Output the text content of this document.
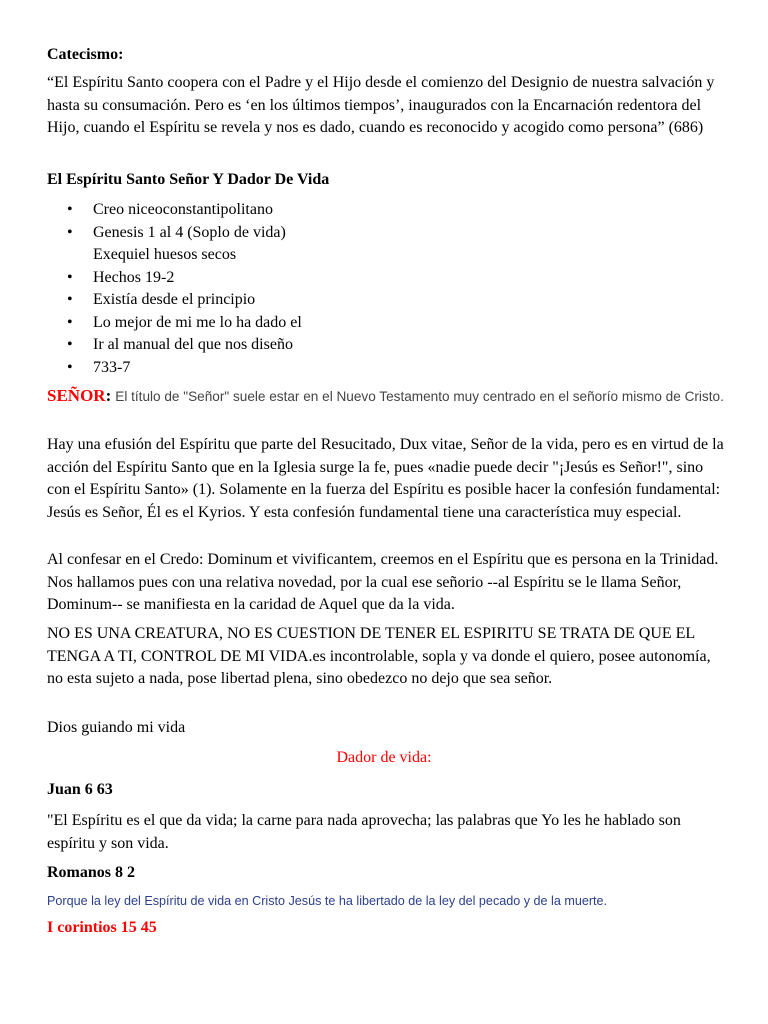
Catecismo:

“El Espíritu Santo coopera con el Padre y el Hijo desde el comienzo del Designio de nuestra salvación y hasta su consumación. Pero es ‘en los últimos tiempos’, inaugurados con la Encarnación redentora del Hijo, cuando el Espíritu se revela y nos es dado, cuando es reconocido y acogido como persona” (686)

El Espíritu Santo Señor Y Dador De Vida

• Creo niceoconstantipolitano
• Genesis 1 al 4 (Soplo de vida)
Exequiel huesos secos
• Hechos 19-2
• Existía desde el principio
• Lo mejor de mi me lo ha dado el
• Ir al manual del que nos diseño
• 733-7

SEÑOR: El título de "Señor" suele estar en el Nuevo Testamento muy centrado en el señorío mismo de Cristo.

Hay una efusión del Espíritu que parte del Resucitado, Dux vitae, Señor de la vida, pero es en virtud de la acción del Espíritu Santo que en la Iglesia surge la fe, pues «nadie puede decir "¡Jesús es Señor!", sino con el Espíritu Santo» (1). Solamente en la fuerza del Espíritu es posible hacer la confesión fundamental: Jesús es Señor, Él es el Kyrios. Y esta confesión fundamental tiene una característica muy especial.

Al confesar en el Credo: Dominum et vivificantem, creemos en el Espíritu que es persona en la Trinidad. Nos hallamos pues con una relativa novedad, por la cual ese señorio --al Espíritu se le llama Señor, Dominum-- se manifiesta en la caridad de Aquel que da la vida.

NO ES UNA CREATURA, NO ES CUESTION DE TENER EL ESPIRITU SE TRATA DE QUE EL TENGA A TI, CONTROL DE MI VIDA.es incontrolable, sopla y va donde el quiero, posee autonomía, no esta sujeto a nada, pose libertad plena, sino obedezco no dejo que sea señor.

Dios guiando mi vida

Dador de vida:

Juan 6 63

"El Espíritu es el que da vida; la carne para nada aprovecha; las palabras que Yo les he hablado son espíritu y son vida.

Romanos 8 2

Porque la ley del Espíritu de vida en Cristo Jesús te ha libertado de la ley del pecado y de la muerte.

I corintios 15 45
